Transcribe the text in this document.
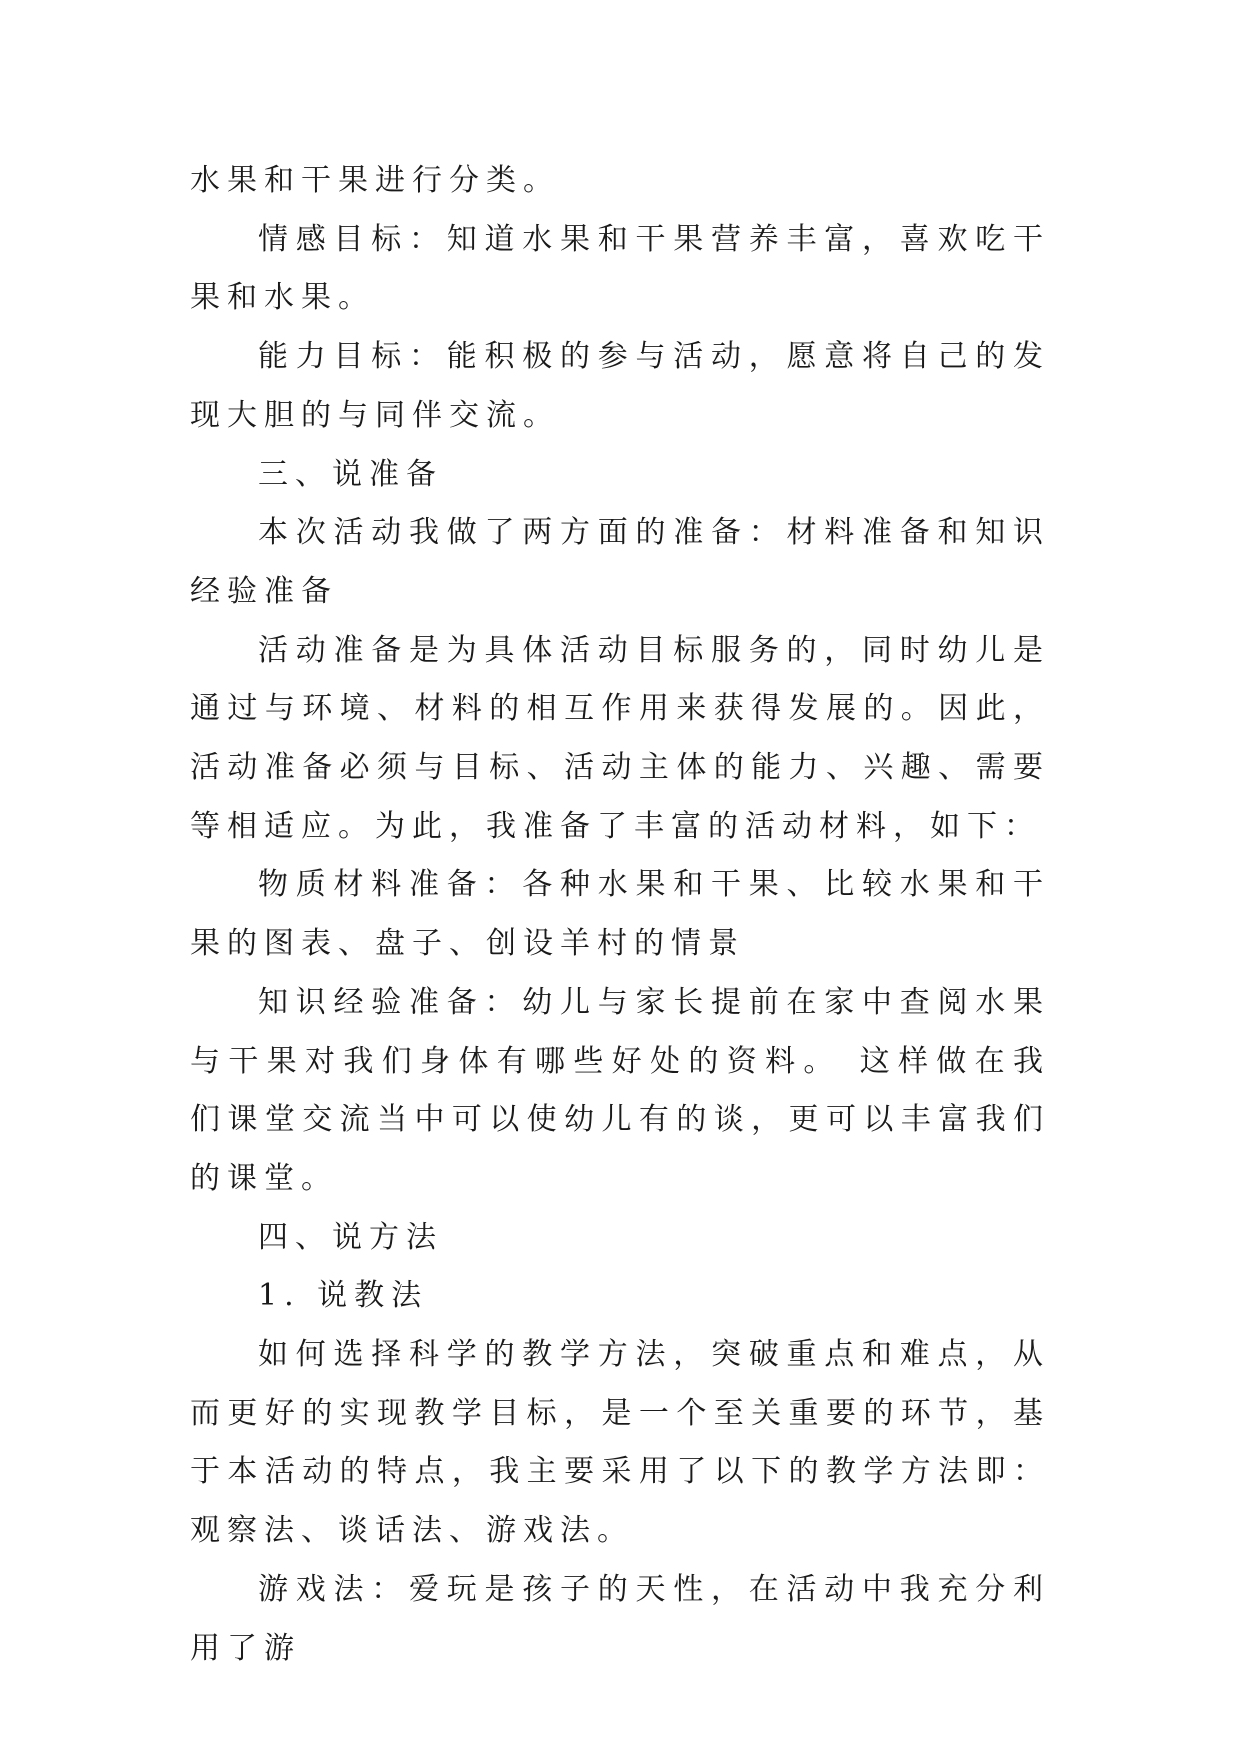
水果和干果进行分类。

情感目标：知道水果和干果营养丰富，喜欢吃干果和水果。

能力目标：能积极的参与活动，愿意将自己的发现大胆的与同伴交流。

三、说准备

本次活动我做了两方面的准备：材料准备和知识经验准备

活动准备是为具体活动目标服务的，同时幼儿是通过与环境、材料的相互作用来获得发展的。因此，活动准备必须与目标、活动主体的能力、兴趣、需要等相适应。为此，我准备了丰富的活动材料，如下：

物质材料准备：各种水果和干果、比较水果和干果的图表、盘子、创设羊村的情景

知识经验准备：幼儿与家长提前在家中查阅水果与干果对我们身体有哪些好处的资料。 这样做在我们课堂交流当中可以使幼儿有的谈，更可以丰富我们的课堂。

四、说方法

1. 说教法

如何选择科学的教学方法，突破重点和难点，从而更好的实现教学目标，是一个至关重要的环节，基于本活动的特点，我主要采用了以下的教学方法即： 观察法、谈话法、游戏法。

游戏法：爱玩是孩子的天性，在活动中我充分利用了游
